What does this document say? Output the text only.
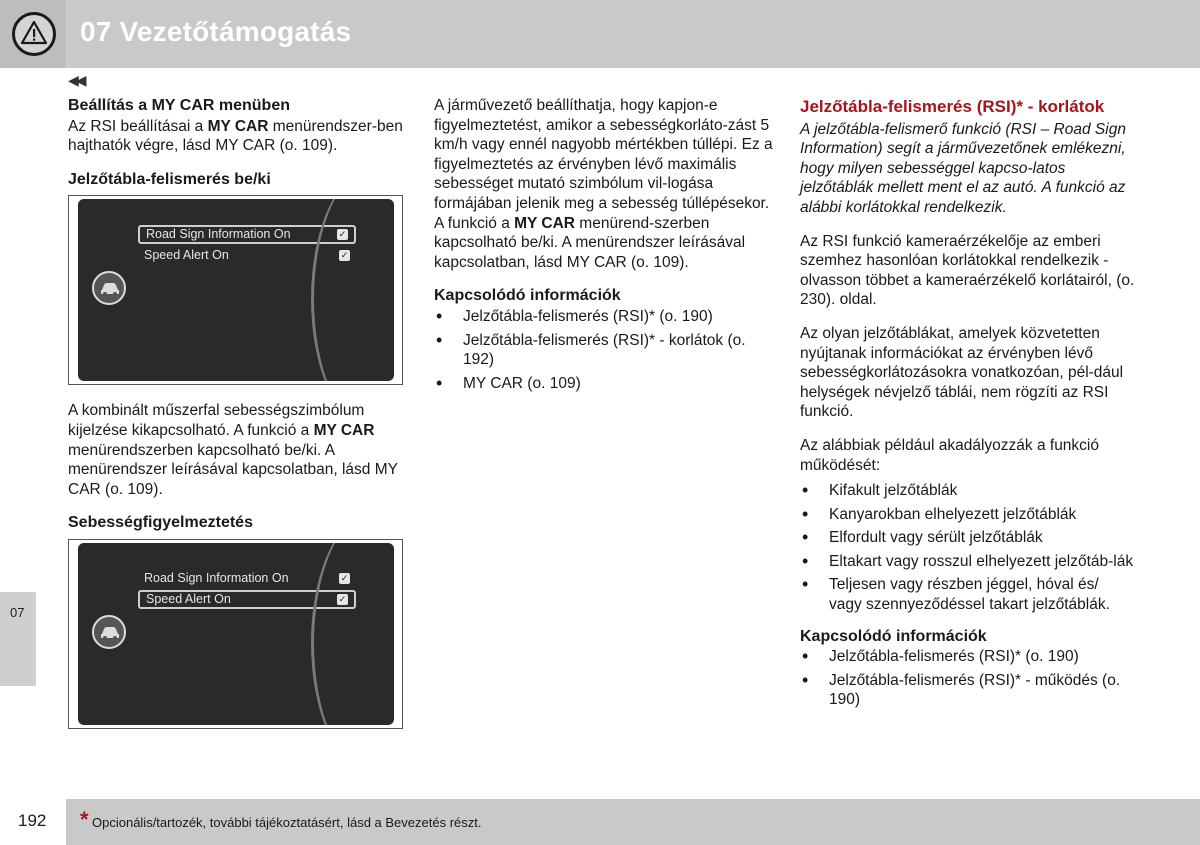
07 Vezetőtámogatás
◀◀
Beállítás a MY CAR menüben

Az RSI beállításai a MY CAR menürendszer-ben hajthatók végre, lásd MY CAR (o. 109).

Jelzőtábla-felismerés be/ki
Road Sign Information On	✓
Speed Alert On	✓
G046241

A kombinált műszerfal sebességszimbólum kijelzése kikapcsolható. A funkció a MY CAR menürendszerben kapcsolható be/ki. A menürendszer leírásával kapcsolatban, lásd MY CAR (o. 109).

Sebességfigyelmeztetés
Road Sign Information On	✓
Speed Alert On	✓
G047445

A járművezető beállíthatja, hogy kapjon-e figyelmeztetést, amikor a sebességkorláto-zást 5 km/h vagy ennél nagyobb mértékben túllépi. Ez a figyelmeztetés az érvényben lévő maximális sebességet mutató szimbólum vil-logása formájában jelenik meg a sebesség túllépésekor. A funkció a MY CAR menürend-szerben kapcsolható be/ki. A menürendszer leírásával kapcsolatban, lásd MY CAR (o. 109).

Kapcsolódó információk
• Jelzőtábla-felismerés (RSI)* (o. 190)
• Jelzőtábla-felismerés (RSI)* - korlátok (o. 192)
• MY CAR (o. 109)
Jelzőtábla-felismerés (RSI)* - korlátok

A jelzőtábla-felismerő funkció (RSI – Road Sign Information) segít a járművezetőnek emlékezni, hogy milyen sebességgel kapcso-latos jelzőtáblák mellett ment el az autó. A funkció az alábbi korlátokkal rendelkezik.

Az RSI funkció kameraérzékelője az emberi szemhez hasonlóan korlátokkal rendelkezik - olvasson többet a kameraérzékelő korlátairól, (o. 230). oldal.

Az olyan jelzőtáblákat, amelyek közvetetten nyújtanak információkat az érvényben lévő sebességkorlátozásokra vonatkozóan, pél-dául helységek névjelző táblái, nem rögzíti az RSI funkció.

Az alábbiak például akadályozzák a funkció működését:

• Kifakult jelzőtáblák
• Kanyarokban elhelyezett jelzőtáblák
• Elfordult vagy sérült jelzőtáblák
• Eltakart vagy rosszul elhelyezett jelzőtáb-lák
• Teljesen vagy részben jéggel, hóval és/ vagy szennyeződéssel takart jelzőtáblák.
Kapcsolódó információk
• Jelzőtábla-felismerés (RSI)* (o. 190)
• Jelzőtábla-felismerés (RSI)* - működés (o. 190)
07
192 * Opcionális/tartozék, további tájékoztatásért, lásd a Bevezetés részt.
